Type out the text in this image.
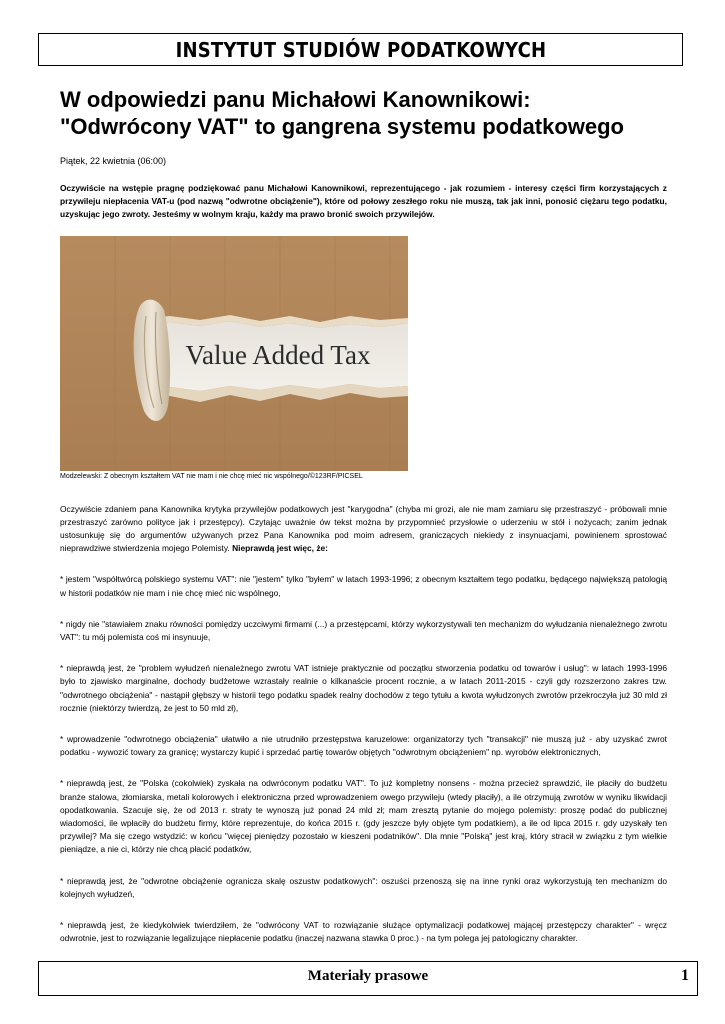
INSTYTUT STUDIÓW PODATKOWYCH
W odpowiedzi panu Michałowi Kanownikowi:
"Odwrócony VAT" to gangrena systemu podatkowego
Piątek, 22 kwietnia (06:00)

Oczywiście na wstępie pragnę podziękować panu Michałowi Kanownikowi, reprezentującego - jak rozumiem - interesy części firm korzystających z przywileju niepłacenia VAT-u (pod nazwą "odwrotne obciążenie"), które od połowy zeszłego roku nie muszą, tak jak inni, ponosić ciężaru tego podatku, uzyskując jego zwroty. Jesteśmy w wolnym kraju, każdy ma prawo bronić swoich przywilejów.

Value Added Tax

Modzelewski: Z obecnym kształtem VAT nie mam i nie chcę mieć nic wspólnego/©123RF/PICSEL

Oczywiście zdaniem pana Kanownika krytyka przywilejów podatkowych jest "karygodna" (chyba mi grozi, ale nie mam zamiaru się przestraszyć - próbowali mnie przestraszyć zarówno polityce jak i przestępcy). Czytając uważnie ów tekst można by przypomnieć przysłowie o uderzeniu w stół i nożycach; zanim jednak ustosunkuję się do argumentów używanych przez Pana Kanownika pod moim adresem, graniczących niekiedy z insynuacjami, powinienem sprostować nieprawdziwe stwierdzenia mojego Polemisty. Nieprawdą jest więc, że:

* jestem "współtwórcą polskiego systemu VAT": nie "jestem" tylko "byłem" w latach 1993-1996; z obecnym kształtem tego podatku, będącego największą patologią w historii podatków nie mam i nie chcę mieć nic wspólnego,

* nigdy nie "stawiałem znaku równości pomiędzy uczciwymi firmami (...) a przestępcami, którzy wykorzystywali ten mechanizm do wyłudzania nienależnego zwrotu VAT": tu mój polemista coś mi insynuuje,

* nieprawdą jest, że "problem wyłudzeń nienależnego zwrotu VAT istnieje praktycznie od początku stworzenia podatku od towarów i usług": w latach 1993-1996 było to zjawisko marginalne, dochody budżetowe wzrastały realnie o kilkanaście procent rocznie, a w latach 2011-2015 - czyli gdy rozszerzono zakres tzw. "odwrotnego obciążenia" - nastąpił głębszy w historii tego podatku spadek realny dochodów z tego tytułu a kwota wyłudzonych zwrotów przekroczyła już 30 mld zł rocznie (niektórzy twierdzą, że jest to 50 mld zł),

* wprowadzenie "odwrotnego obciążenia" ułatwiło a nie utrudniło przestępstwa karuzelowe: organizatorzy tych "transakcji" nie muszą już - aby uzyskać zwrot podatku - wywozić towary za granicę; wystarczy kupić i sprzedać partię towarów objętych "odwrotnym obciążeniem" np. wyrobów elektronicznych,

* nieprawdą jest, że "Polska (cokolwiek) zyskała na odwróconym podatku VAT". To już kompletny nonsens - można przecież sprawdzić, ile płaciły do budżetu branże stalowa, złomiarska, metali kolorowych i elektroniczna przed wprowadzeniem owego przywileju (wtedy płaciły), a ile otrzymują zwrotów w wyniku likwidacji opodatkowania. Szacuje się, że od 2013 r. straty te wynoszą już ponad 24 mld zł; mam zresztą pytanie do mojego polemisty: proszę podać do publicznej wiadomości, ile wpłaciły do budżetu firmy, które reprezentuje, do końca 2015 r. (gdy jeszcze były objęte tym podatkiem), a ile od lipca 2015 r. gdy uzyskały ten przywilej? Ma się czego wstydzić: w końcu "więcej pieniędzy pozostało w kieszeni podatników". Dla mnie "Polską" jest kraj, który stracił w związku z tym wielkie pieniądze, a nie ci, którzy nie chcą płacić podatków,

* nieprawdą jest, że "odwrotne obciążenie ogranicza skalę oszustw podatkowych": oszuści przenoszą się na inne rynki oraz wykorzystują ten mechanizm do kolejnych wyłudzeń,

* nieprawdą jest, że kiedykolwiek twierdziłem, że "odwrócony VAT to rozwiązanie służące optymalizacji podatkowej mającej przestępczy charakter" - wręcz odwrotnie, jest to rozwiązanie legalizujące niepłacenie podatku (inaczej nazwana stawka 0 proc.) - na tym polega jej patologiczny charakter.

Materiały prasowe	1
